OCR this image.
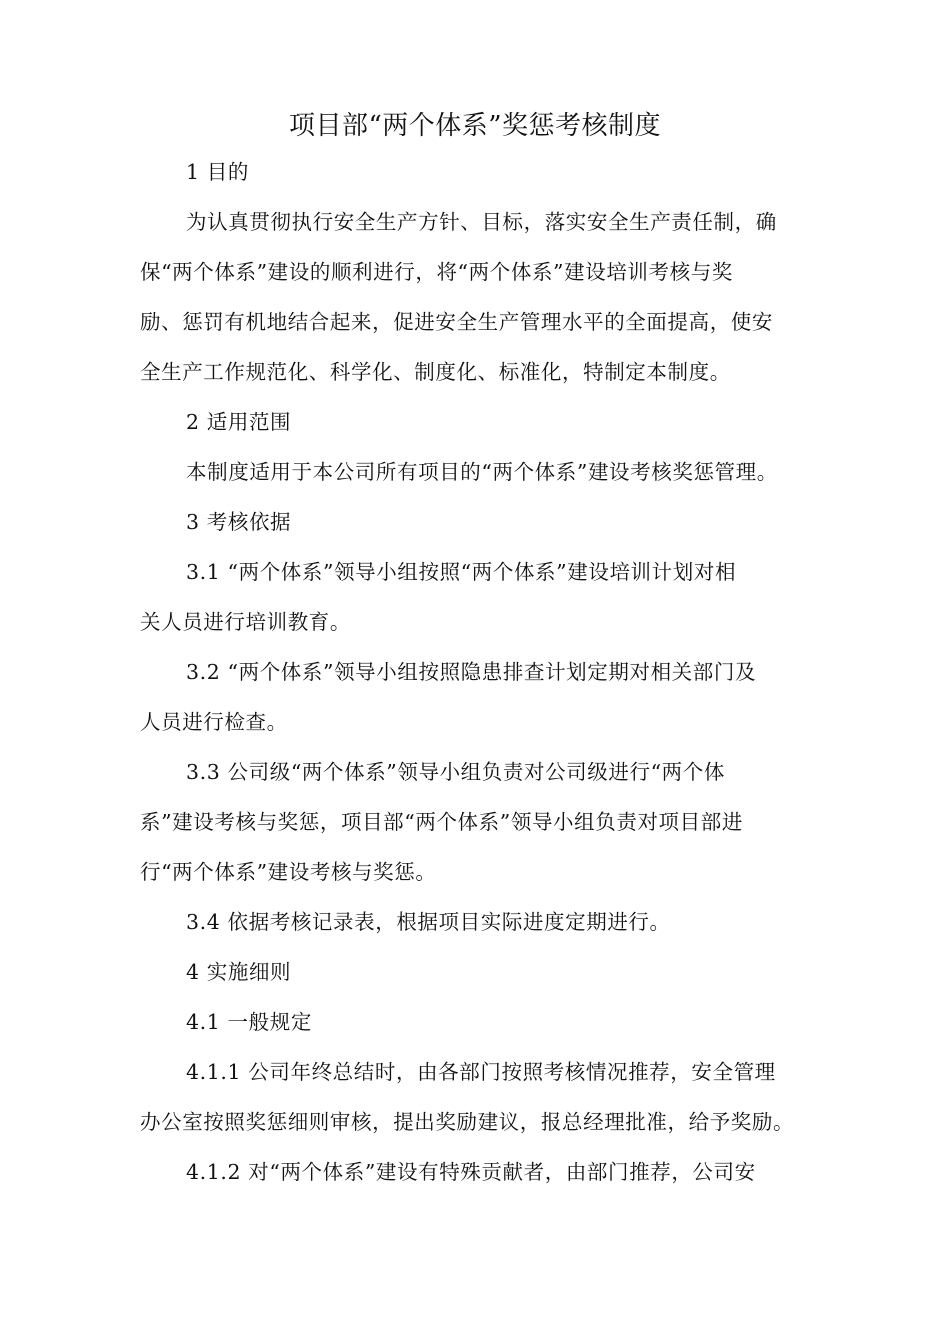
项目部“两个体系”奖惩考核制度
1 目的
为认真贯彻执行安全生产方针、目标，落实安全生产责任制，确
保“两个体系”建设的顺利进行，将“两个体系”建设培训考核与奖
励、惩罚有机地结合起来，促进安全生产管理水平的全面提高，使安
全生产工作规范化、科学化、制度化、标准化，特制定本制度。
2 适用范围
本制度适用于本公司所有项目的“两个体系”建设考核奖惩管理。
3 考核依据
3.1 “两个体系”领导小组按照“两个体系”建设培训计划对相
关人员进行培训教育。
3.2 “两个体系”领导小组按照隐患排查计划定期对相关部门及
人员进行检查。
3.3 公司级“两个体系”领导小组负责对公司级进行“两个体
系”建设考核与奖惩，项目部“两个体系”领导小组负责对项目部进
行“两个体系”建设考核与奖惩。
3.4 依据考核记录表，根据项目实际进度定期进行。
4 实施细则
4.1 一般规定
4.1.1 公司年终总结时，由各部门按照考核情况推荐，安全管理
办公室按照奖惩细则审核，提出奖励建议，报总经理批准，给予奖励。
4.1.2 对“两个体系”建设有特殊贡献者，由部门推荐，公司安
